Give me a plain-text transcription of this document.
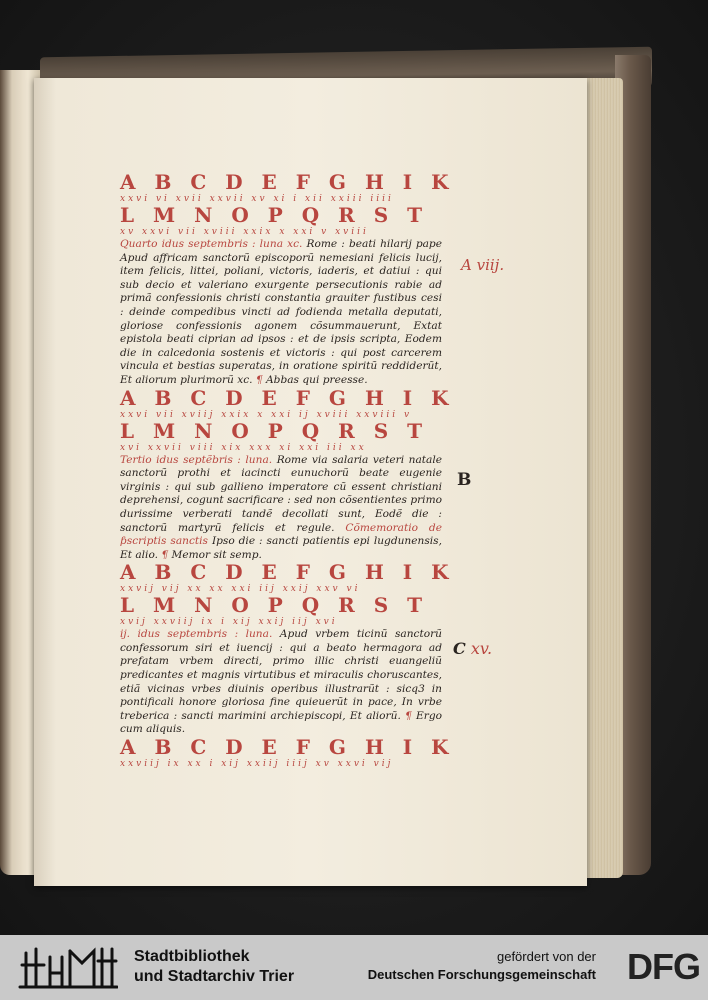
A B C D E F G H I K
xxvi vi xvii xxvii xv xi i xii xxiii iiii
L M N O P Q R S T
xv xxvi vii xviii xxix x xxi v xviii
Quarto idus septembris : luna xc. Rome : beati hilarij pape Apud affricam sanctorũ episcoporũ nemesiani felicis lucij, item felicis, littei, poliani, victoris, iaderis, et datiui : qui sub decio et valeriano exurgente persecutionis rabie ad primã confessionis christi constantia grauiter fustibus cesi : deinde compedibus vincti ad fodienda metalla deputati, gloriose confessionis agonem cõsummauerunt, Extat epistola beati ciprian ad ipsos : et de ipsis scripta, Eodem die in calcedonia sostenis et victoris : qui post carcerem vincula et bestias superatas, in oratione spiritũ reddiderũt, Et aliorum plurimorũ xc. ¶ Abbas qui preesse.
A B C D E F G H I K
xxvi vii xviij xxix x xxi ij xviii xxviii v
L M N O P Q R S T
xvi xxvii viii xix xxx xi xxi iii xx
Tertio idus septẽbris : luna. Rome via salaria veteri natale sanctorũ prothi et iacincti eunuchorũ beate eugenie virginis : qui sub gallieno imperatore cũ essent christiani deprehensi, cogunt sacrificare : sed non cõsentientes primo durissime verberati tandẽ decollati sunt, Eodẽ die : sanctorũ martyrũ felicis et regule. Cõmemoratio de ƥscriptis sanctis Ipso die : sancti patientis epi lugdunensis, Et alio. ¶ Memor sit semp.
A B C D E F G H I K
xxvij vij xx xx xxi iij xxij xxv vi
L M N O P Q R S T
xvij xxviij ix i xij xxij iij xvi
ij. idus septembris : luna. Apud vrbem ticinũ sanctorũ confessorum siri et iuencij : qui a beato hermagora ad prefatam vrbem directi, primo illic christi euangeliũ predicantes et magnis virtutibus et miraculis choruscantes, etiã vicinas vrbes diuinis operibus illustrarũt : sicq3 in pontificali honore gloriosa fine quieuerũt in pace, In vrbe treberica : sancti marimini archiepiscopi, Et aliorũ. ¶ Ergo cum aliquis.
A B C D E F G H I K
xxviij ix xx i xij xxiij iiij xv xxvi vij
A viij.
B
C xv.
Stadtbibliothek
und Stadtarchiv Trier
gefördert von der
Deutschen Forschungsgemeinschaft DFG
